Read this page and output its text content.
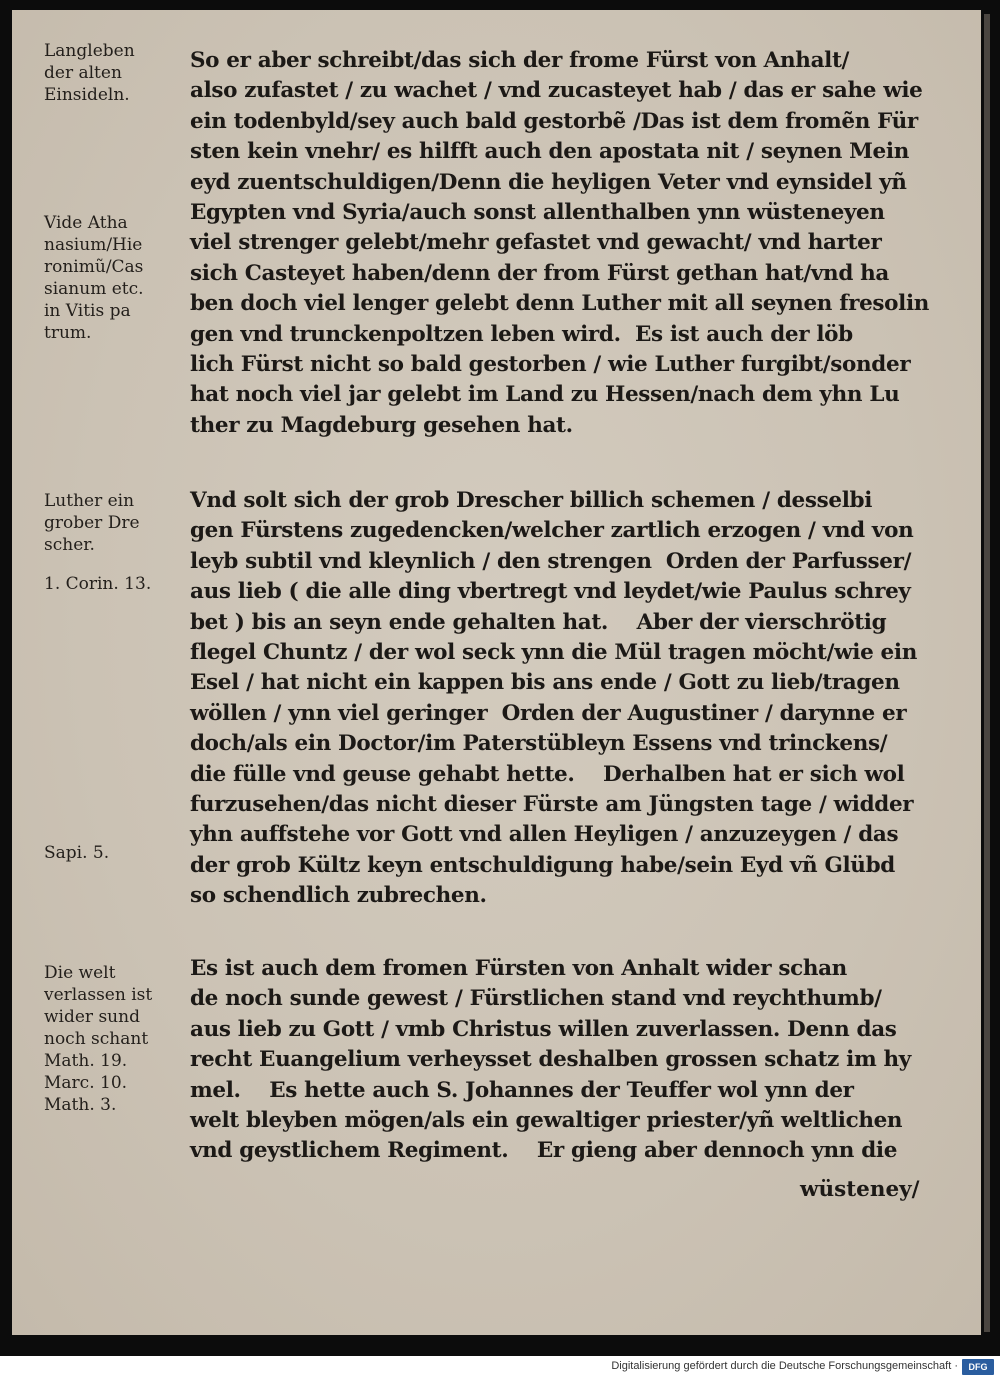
Langleben
der alten
Einsideln.

Vide Atha
nasium/Hie
ronimũ/Cas
sianum etc.
in Vitis pa
trum.

Luther ein
grober Dre
scher.

1. Corin. 13.

Sapi. 5.

Die welt
verlassen ist
wider sund
noch schant
Math. 19.
Marc. 10.
Math. 3.

So er aber schreibt/das sich der frome Fürst von Anhalt/
also zufastet / zu wachet / vnd zucasteyet hab / das er sahe wie
ein todenbyld/sey auch bald gestorbẽ /Das ist dem fromẽn Für
sten kein vnehr/ es hilfft auch den apostata nit / seynen Mein
eyd zuentschuldigen/Denn die heyligen Veter vnd eynsidel yñ
Egypten vnd Syria/auch sonst allenthalben ynn wüsteneyen
viel strenger gelebt/mehr gefastet vnd gewacht/ vnd harter
sich Casteyet haben/denn der from Fürst gethan hat/vnd ha
ben doch viel lenger gelebt denn Luther mit all seynen fresolin
gen vnd trunckenpoltzen leben wird.  Es ist auch der löb
lich Fürst nicht so bald gestorben / wie Luther furgibt/sonder
hat noch viel jar gelebt im Land zu Hessen/nach dem yhn Lu
ther zu Magdeburg gesehen hat.

Vnd solt sich der grob Drescher billich schemen / desselbi
gen Fürstens zugedencken/welcher zartlich erzogen / vnd von
leyb subtil vnd kleynlich / den strengen  Orden der Parfusser/
aus lieb ( die alle ding vbertregt vnd leydet/wie Paulus schrey
bet ) bis an seyn ende gehalten hat.    Aber der vierschrötig
flegel Chuntz / der wol seck ynn die Mül tragen möcht/wie ein
Esel / hat nicht ein kappen bis ans ende / Gott zu lieb/tragen
wöllen / ynn viel geringer  Orden der Augustiner / darynne er
doch/als ein Doctor/im Paterstübleyn Essens vnd trinckens/
die fülle vnd geuse gehabt hette.    Derhalben hat er sich wol
furzusehen/das nicht dieser Fürste am Jüngsten tage / widder
yhn auffstehe vor Gott vnd allen Heyligen / anzuzeygen / das
der grob Kültz keyn entschuldigung habe/sein Eyd vñ Glübd
so schendlich zubrechen.

Es ist auch dem fromen Fürsten von Anhalt wider schan
de noch sunde gewest / Fürstlichen stand vnd reychthumb/
aus lieb zu Gott / vmb Christus willen zuverlassen. Denn das
recht Euangelium verheysset deshalben grossen schatz im hy
mel.    Es hette auch S. Johannes der Teuffer wol ynn der
welt bleyben mögen/als ein gewaltiger priester/yñ weltlichen
vnd geystlichem Regiment.    Er gieng aber dennoch ynn die

wüsteney/
Digitalisierung gefördert durch die Deutsche Forschungsgemeinschaft ·	DFG
